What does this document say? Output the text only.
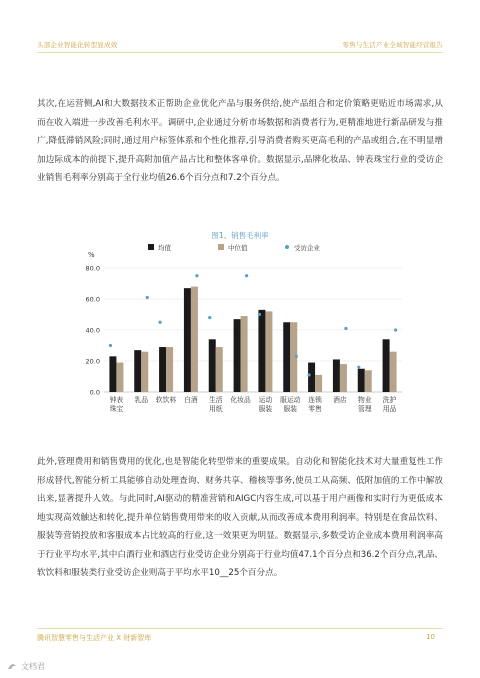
头部企业智能化转型显成效	零售与生活产业全域智能经营报告

其次,在运营侧,AI和大数据技术正帮助企业优化产品与服务供给,使产品组合和定价策略更贴近市场需求,从而在收入端进一步改善毛利水平。调研中,企业通过分析市场数据和消费者行为,更精准地进行新品研发与推广,降低滞销风险;同时,通过用户标签体系和个性化推荐,引导消费者购买更高毛利的产品或组合,在不明显增加边际成本的前提下,提升高附加值产品占比和整体客单价。数据显示,品牌化妆品、钟表珠宝行业的受访企业销售毛利率分别高于全行业均值26.6个百分点和7.2个百分点。

图1、销售毛利率
均值	中位值	受访企业
%
0.0
20.0
40.0
60.0
80.0
钟表
珠宝
乳品 软饮料 白酒 生活
用纸
化妆品 运动
服装
服运动
服装
连锁
零售
酒店 物业
管理
洗护
用品

此外,管理费用和销售费用的优化,也是智能化转型带来的重要成果。自动化和智能化技术对大量重复性工作形成替代,智能分析工具能够自动处理查询、财务共享、稽核等事务,使员工从高频、低附加值的工作中解放出来,显著提升人效。与此同时,AI驱动的精准营销和AIGC内容生成,可以基于用户画像和实时行为更低成本地实现高效触达和转化,提升单位销售费用带来的收入贡献,从而改善成本费用利润率。特别是在食品饮料、服装等营销投放和客服成本占比较高的行业,这一效果更为明显。数据显示,多数受访企业成本费用利润率高于行业平均水平,其中白酒行业和酒店行业受访企业分别高于行业均值47.1个百分点和36.2个百分点,乳品、软饮料和服装类行业受访企业则高于平均水平10__25个百分点。

腾讯智慧零售与生活产业 X 财新智库	10
文档君
